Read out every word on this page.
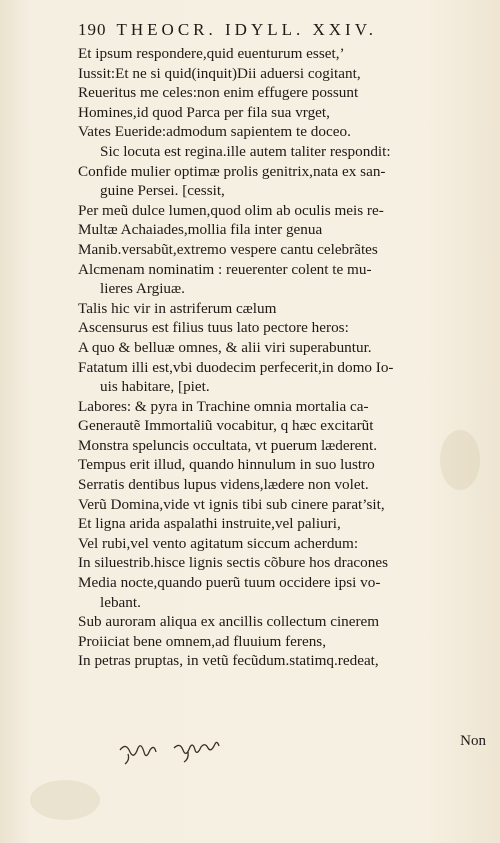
190 THEOCR. IDYLL. XXIV.
Et ipsum respondere,quid euenturum esset,’
Iussit:Et ne si quid(inquit)Dii aduersi cogitant,
Reueritus me celes:non enim effugere possunt
Homines,id quod Parca per fila sua vrget,
Vates Eueride:admodum sapientem te doceo.
Sic locuta est regina.ille autem taliter respondit:
Confide mulier optimæ prolis genitrix,nata ex san-
guine Persei. [cessit,
Per meũ dulce lumen,quod olim ab oculis meis re-
Multæ Achaiades,mollia fila inter genua
Manib.versabũt,extremo vespere cantu celebrãtes
Alcmenam nominatim : reuerenter colent te mu-
lieres Argiuæ.
Talis hic vir in astriferum cælum
Ascensurus est filius tuus lato pectore heros:
A quo & belluæ omnes, & alii viri superabuntur.
Fatatum illi est,vbi duodecim perfecerit,in domo Io-
uis habitare, [piet.
Labores: & pyra in Trachine omnia mortalia ca-
Generautẽ Immortaliũ vocabitur, q hæc excitarũt
Monstra speluncis occultata, vt puerum læderent.
Tempus erit illud, quando hinnulum in suo lustro
Serratis dentibus lupus videns,lædere non volet.
Verũ Domina,vide vt ignis tibi sub cinere parat’sit,
Et ligna arida aspalathi instruite,vel paliuri,
Vel rubi,vel vento agitatum siccum acherdum:
In siluestrib.hisce lignis sectis cõbure hos dracones
Media nocte,quando puerũ tuum occidere ipsi vo-
lebant.
Sub auroram aliqua ex ancillis collectum cinerem
Proiiciat bene omnem,ad fluuium ferens,
In petras pruptas, in vetũ fecũdum.statimq.redeat,
Non
